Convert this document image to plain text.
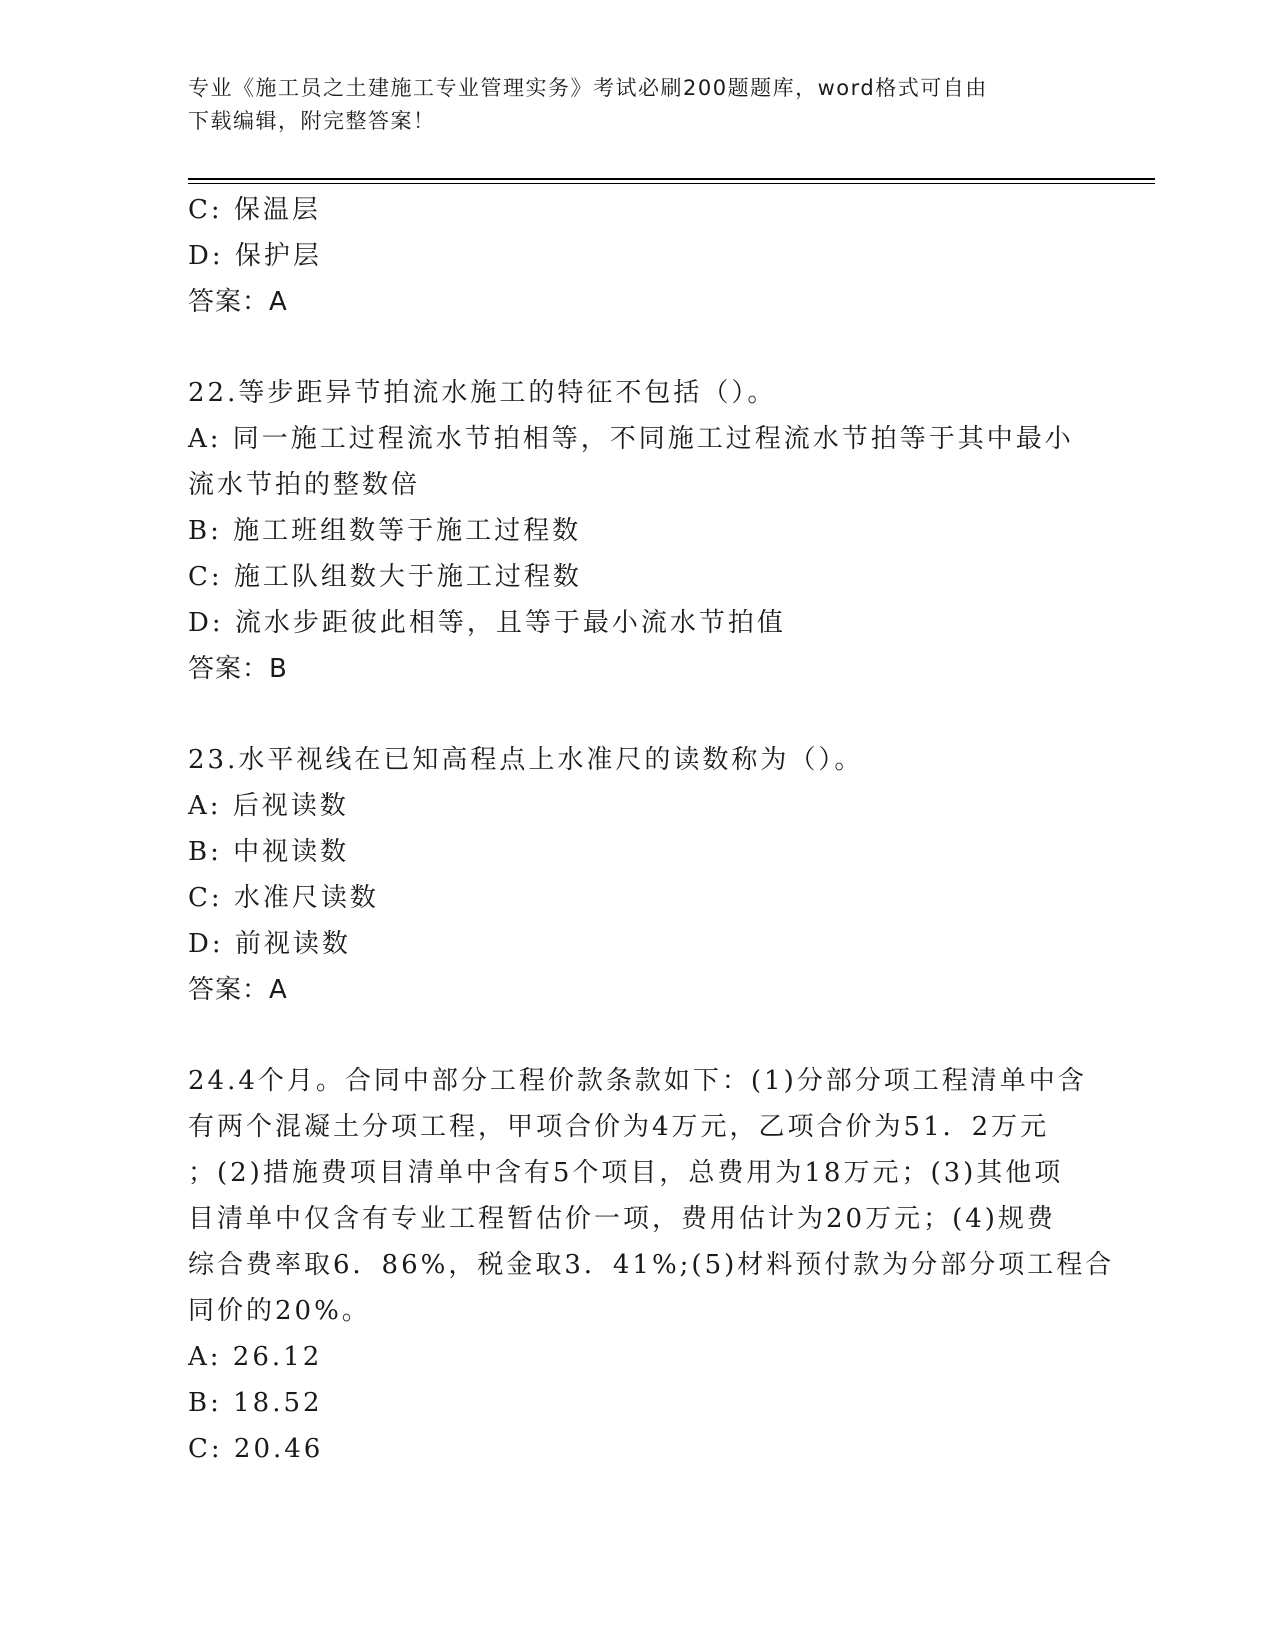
专业《施工员之土建施工专业管理实务》考试必刷200题题库，word格式可自由
下载编辑，附完整答案！
C: 保温层
D: 保护层
答案：A
22.等步距异节拍流水施工的特征不包括（）。
A: 同一施工过程流水节拍相等，不同施工过程流水节拍等于其中最小
流水节拍的整数倍
B: 施工班组数等于施工过程数
C: 施工队组数大于施工过程数
D: 流水步距彼此相等，且等于最小流水节拍值
答案：B
23.水平视线在已知高程点上水准尺的读数称为（）。
A: 后视读数
B: 中视读数
C: 水准尺读数
D: 前视读数
答案：A
24.4个月。合同中部分工程价款条款如下：(1)分部分项工程清单中含
有两个混凝土分项工程，甲项合价为4万元，乙项合价为51．2万元
；(2)措施费项目清单中含有5个项目，总费用为18万元；(3)其他项
目清单中仅含有专业工程暂估价一项，费用估计为20万元；(4)规费
综合费率取6．86%，税金取3．41%;(5)材料预付款为分部分项工程合
同价的20%。
A: 26.12
B: 18.52
C: 20.46
